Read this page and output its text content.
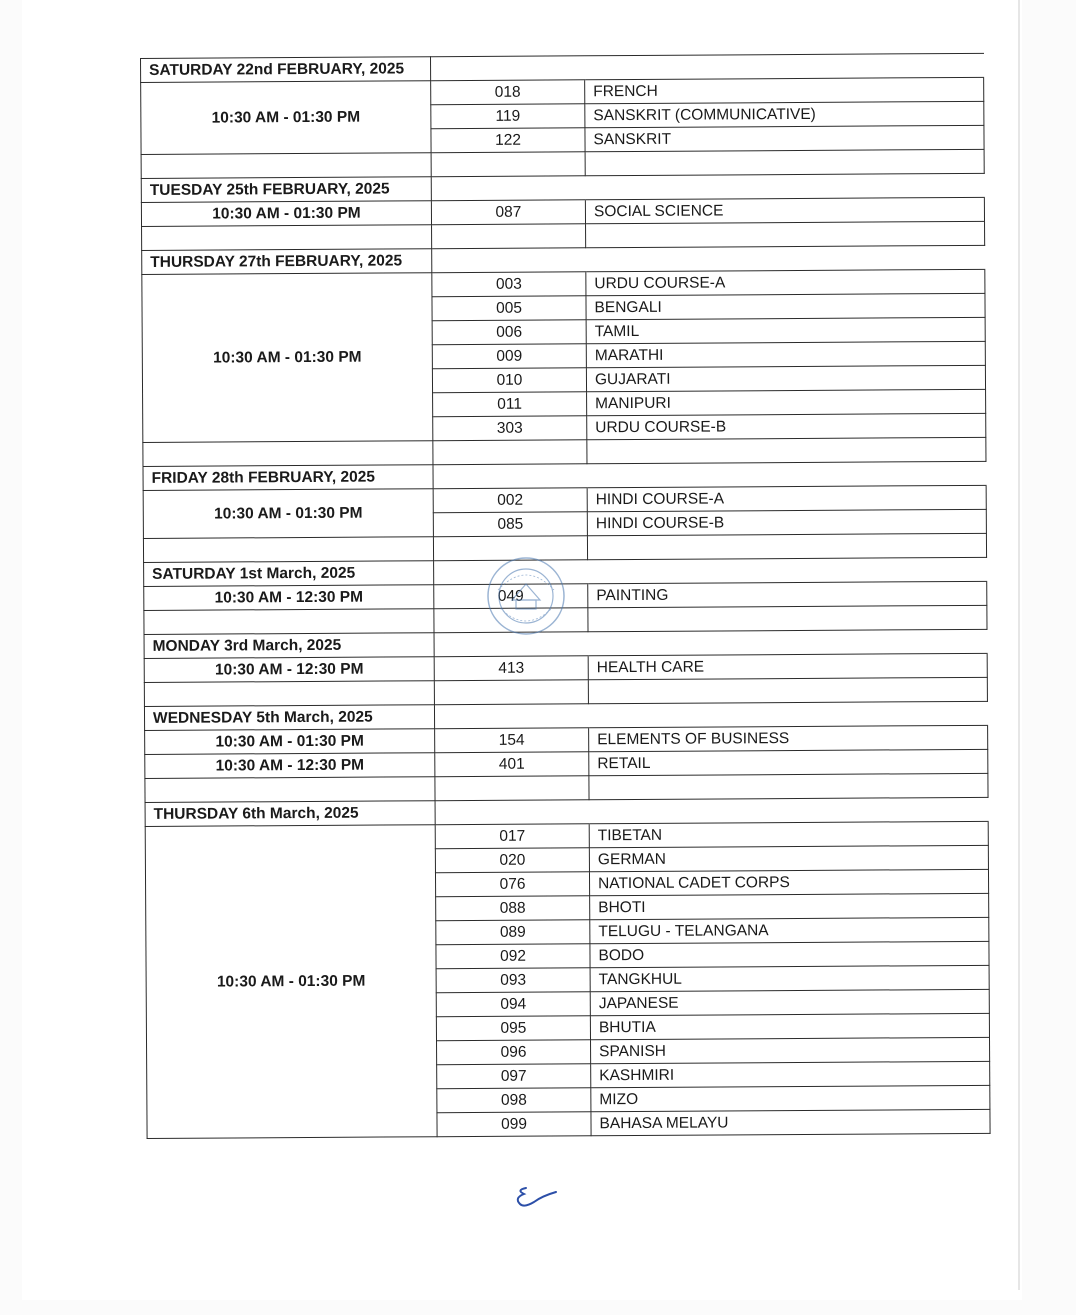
SATURDAY 22nd FEBRUARY, 2025		
10:30 AM - 01:30 PM	018	FRENCH
	119	SANSKRIT (COMMUNICATIVE)
	122	SANSKRIT

TUESDAY 25th FEBRUARY, 2025		
10:30 AM - 01:30 PM	087	SOCIAL SCIENCE

THURSDAY 27th FEBRUARY, 2025		
10:30 AM - 01:30 PM	003	URDU COURSE-A
	005	BENGALI
	006	TAMIL
	009	MARATHI
	010	GUJARATI
	011	MANIPURI
	303	URDU COURSE-B

FRIDAY 28th FEBRUARY, 2025		
10:30 AM - 01:30 PM	002	HINDI COURSE-A
	085	HINDI COURSE-B

SATURDAY 1st March, 2025		
10:30 AM - 12:30 PM	049	PAINTING

MONDAY 3rd March, 2025		
10:30 AM - 12:30 PM	413	HEALTH CARE

WEDNESDAY 5th March, 2025		
10:30 AM - 01:30 PM	154	ELEMENTS OF BUSINESS
10:30 AM - 12:30 PM	401	RETAIL

THURSDAY 6th March, 2025		
10:30 AM - 01:30 PM	017	TIBETAN
	020	GERMAN
	076	NATIONAL CADET CORPS
	088	BHOTI
	089	TELUGU - TELANGANA
	092	BODO
	093	TANGKHUL
	094	JAPANESE
	095	BHUTIA
	096	SPANISH
	097	KASHMIRI
	098	MIZO
	099	BAHASA MELAYU
